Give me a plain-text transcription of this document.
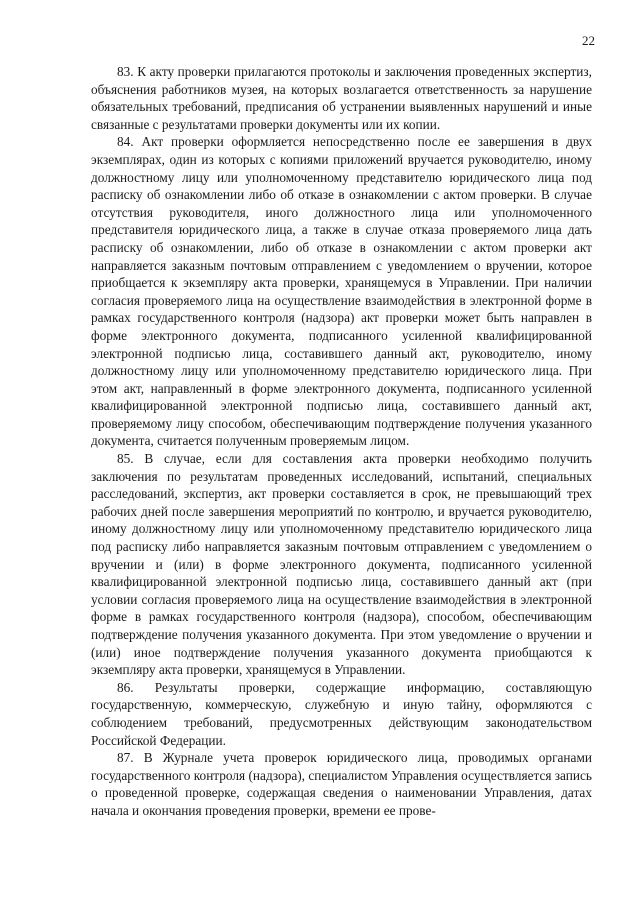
22

83. К акту проверки прилагаются протоколы и заключения проведенных экспертиз, объяснения работников музея, на которых возлагается ответственность за нарушение обязательных требований, предписания об устранении выявленных нарушений и иные связанные с результатами проверки документы или их копии.

84. Акт проверки оформляется непосредственно после ее завершения в двух экземплярах, один из которых с копиями приложений вручается руководителю, иному должностному лицу или уполномоченному представителю юридического лица под расписку об ознакомлении либо об отказе в ознакомлении с актом проверки. В случае отсутствия руководителя, иного должностного лица или уполномоченного представителя юридического лица, а также в случае отказа проверяемого лица дать расписку об ознакомлении, либо об отказе в ознакомлении с актом проверки акт направляется заказным почтовым отправлением с уведомлением о вручении, которое приобщается к экземпляру акта проверки, хранящемуся в Управлении. При наличии согласия проверяемого лица на осуществление взаимодействия в электронной форме в рамках государственного контроля (надзора) акт проверки может быть направлен в форме электронного документа, подписанного усиленной квалифицированной электронной подписью лица, составившего данный акт, руководителю, иному должностному лицу или уполномоченному представителю юридического лица. При этом акт, направленный в форме электронного документа, подписанного усиленной квалифицированной электронной подписью лица, составившего данный акт, проверяемому лицу способом, обеспечивающим подтверждение получения указанного документа, считается полученным проверяемым лицом.

85. В случае, если для составления акта проверки необходимо получить заключения по результатам проведенных исследований, испытаний, специальных расследований, экспертиз, акт проверки составляется в срок, не превышающий трех рабочих дней после завершения мероприятий по контролю, и вручается руководителю, иному должностному лицу или уполномоченному представителю юридического лица под расписку либо направляется заказным почтовым отправлением с уведомлением о вручении и (или) в форме электронного документа, подписанного усиленной квалифицированной электронной подписью лица, составившего данный акт (при условии согласия проверяемого лица на осуществление взаимодействия в электронной форме в рамках государственного контроля (надзора), способом, обеспечивающим подтверждение получения указанного документа. При этом уведомление о вручении и (или) иное подтверждение получения указанного документа приобщаются к экземпляру акта проверки, хранящемуся в Управлении.

86. Результаты проверки, содержащие информацию, составляющую государственную, коммерческую, служебную и иную тайну, оформляются с соблюдением требований, предусмотренных действующим законодательством Российской Федерации.

87. В Журнале учета проверок юридического лица, проводимых органами государственного контроля (надзора), специалистом Управления осуществляется запись о проведенной проверке, содержащая сведения о наименовании Управления, датах начала и окончания проведения проверки, времени ее прове-
